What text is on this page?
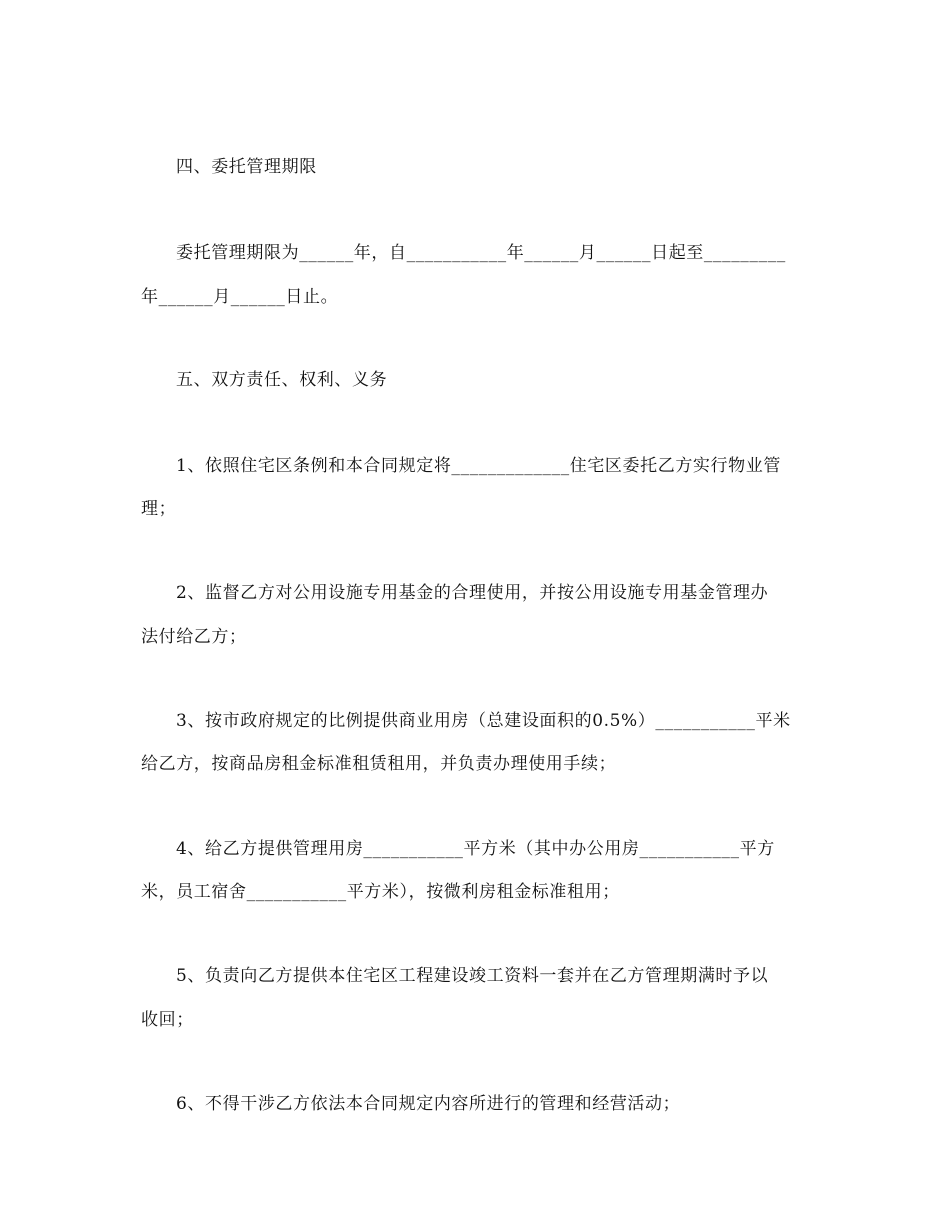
四、委托管理期限
委托管理期限为______年，自___________年______月______日起至_________
年______月______日止。
五、双方责任、权利、义务
1、依照住宅区条例和本合同规定将_____________住宅区委托乙方实行物业管
理；
2、监督乙方对公用设施专用基金的合理使用，并按公用设施专用基金管理办
法付给乙方；
3、按市政府规定的比例提供商业用房（总建设面积的0.5%）___________平米
给乙方，按商品房租金标准租赁租用，并负责办理使用手续；
4、给乙方提供管理用房___________平方米（其中办公用房___________平方
米，员工宿舍___________平方米），按微利房租金标准租用；
5、负责向乙方提供本住宅区工程建设竣工资料一套并在乙方管理期满时予以
收回；
6、不得干涉乙方依法本合同规定内容所进行的管理和经营活动；
